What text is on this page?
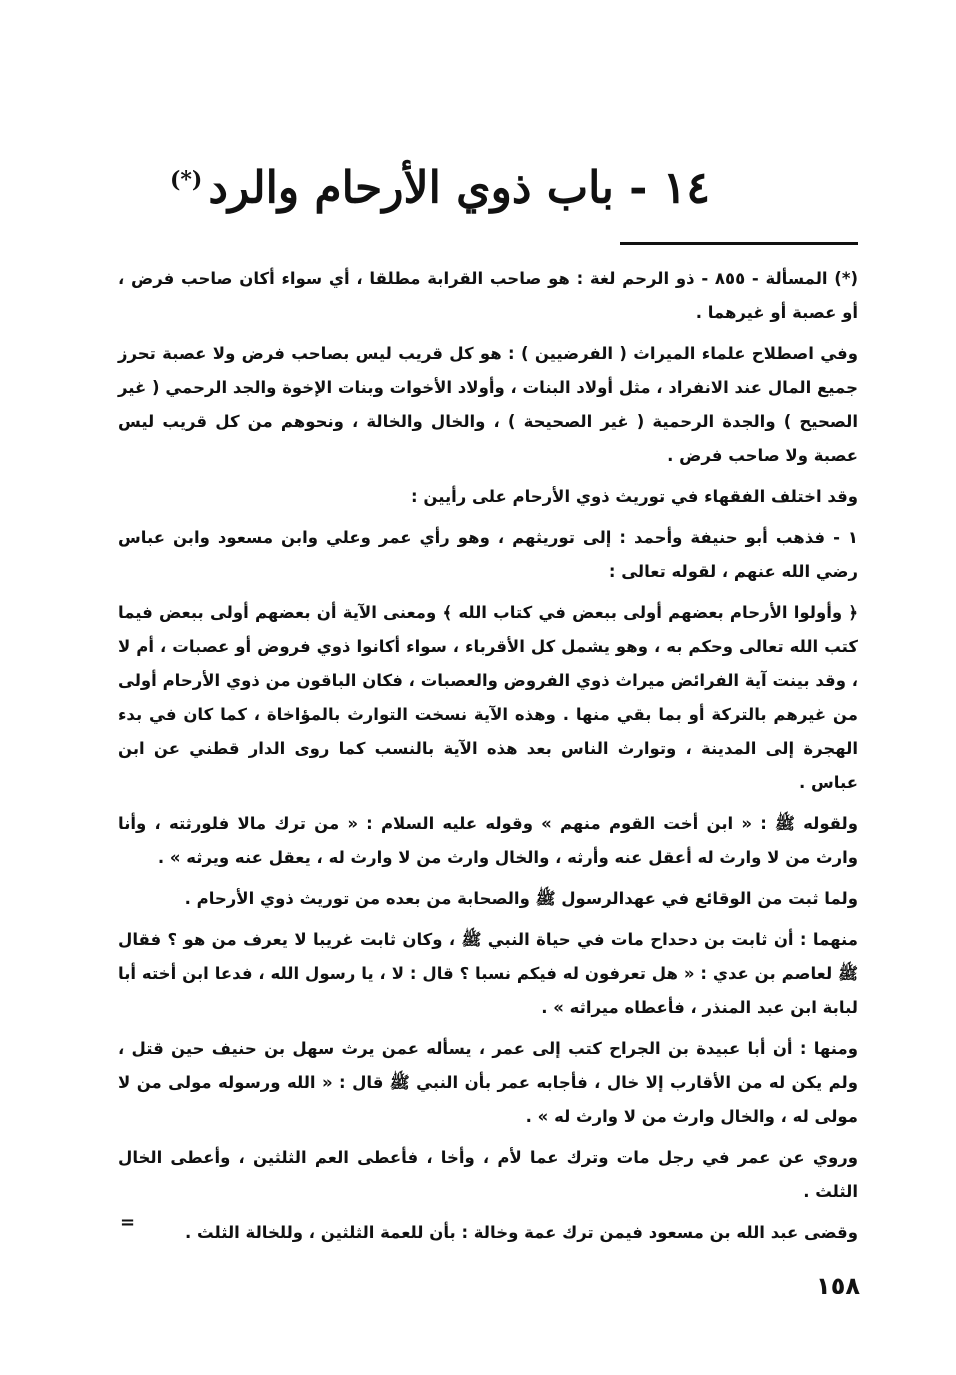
١٤ - باب ذوي الأرحام والرد(*)

(*) المسألة - ٨٥٥ - ذو الرحم لغة : هو صاحب القرابة مطلقا ، أي سواء أكان صاحب فرض ، أو عصبة أو غيرهما .

وفي اصطلاح علماء الميراث ( الفرضيين ) : هو كل قريب ليس بصاحب فرض ولا عصبة تحرز جميع المال عند الانفراد ، مثل أولاد البنات ، وأولاد الأخوات وبنات الإخوة والجد الرحمي ( غير الصحيح ) والجدة الرحمية ( غير الصحيحة ) ، والخال والخالة ، ونحوهم من كل قريب ليس عصبة ولا صاحب فرض .

وقد اختلف الفقهاء في توريث ذوي الأرحام على رأيين :

١ - فذهب أبو حنيفة وأحمد : إلى توريثهم ، وهو رأي عمر وعلي وابن مسعود وابن عباس رضي الله عنهم ، لقوله تعالى :

﴿ وأولوا الأرحام بعضهم أولى ببعض في كتاب الله ﴾ ومعنى الآية أن بعضهم أولى ببعض فيما كتب الله تعالى وحكم به ، وهو يشمل كل الأقرباء ، سواء أكانوا ذوي فروض أو عصبات ، أم لا ، وقد بينت آية الفرائض ميراث ذوي الفروض والعصبات ، فكان الباقون من ذوي الأرحام أولى من غيرهم بالتركة أو بما بقي منها . وهذه الآية نسخت التوارث بالمؤاخاة ، كما كان في بدء الهجرة إلى المدينة ، وتوارث الناس بعد هذه الآية بالنسب كما روى الدار قطني عن ابن عباس .

ولقوله ﷺ : « ابن أخت القوم منهم » وقوله عليه السلام : « من ترك مالا فلورثته ، وأنا وارث من لا وارث له أعقل عنه وأرثه ، والخال وارث من لا وارث له ، يعقل عنه ويرثه » .

ولما ثبت من الوقائع في عهدالرسول ﷺ والصحابة من بعده من توريث ذوي الأرحام .

منهما : أن ثابت بن دحداح مات في حياة النبي ﷺ ، وكان ثابت غريبا لا يعرف من هو ؟ فقال ﷺ لعاصم بن عدي : « هل تعرفون له فيكم نسبا ؟ قال : لا ، يا رسول الله ، فدعا ابن أخته أبا لبابة ابن عبد المنذر ، فأعطاه ميراثه » .

ومنها : أن أبا عبيدة بن الجراح كتب إلى عمر ، يسأله عمن يرث سهل بن حنيف حين قتل ، ولم يكن له من الأقارب إلا خال ، فأجابه عمر بأن النبي ﷺ قال : « الله ورسوله مولى من لا مولى له ، والخال وارث من لا وارث له » .

وروي عن عمر في رجل مات وترك عما لأم ، وأخا ، فأعطى العم الثلثين ، وأعطى الخال الثلث .

وقضى عبد الله بن مسعود فيمن ترك عمة وخالة : بأن للعمة الثلثين ، وللخالة الثلث .

=
١٥٨
